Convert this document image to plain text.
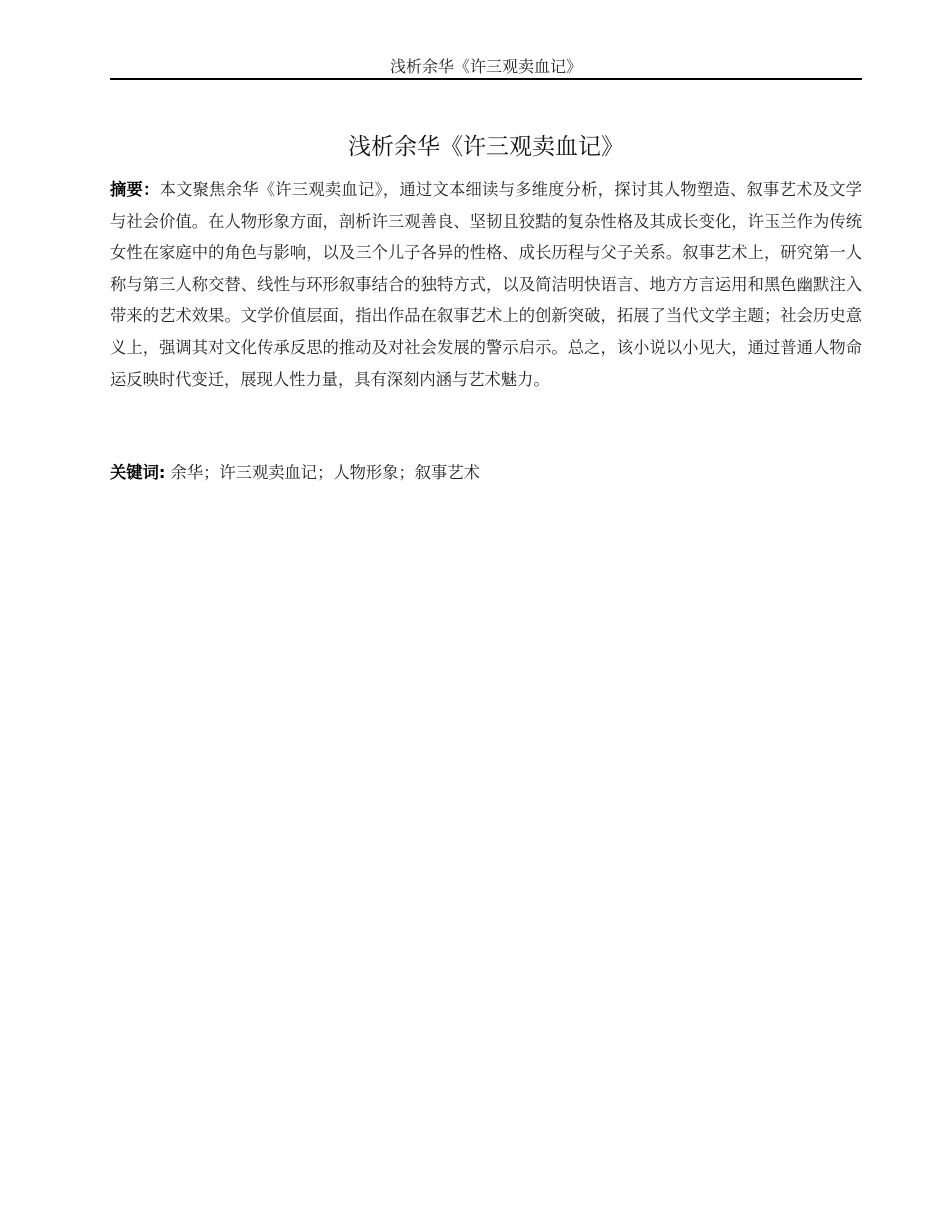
浅析余华《许三观卖血记》
浅析余华《许三观卖血记》
摘要：本文聚焦余华《许三观卖血记》，通过文本细读与多维度分析，探讨其人物塑造、叙事艺术及文学与社会价值。在人物形象方面，剖析许三观善良、坚韧且狡黠的复杂性格及其成长变化，许玉兰作为传统女性在家庭中的角色与影响，以及三个儿子各异的性格、成长历程与父子关系。叙事艺术上，研究第一人称与第三人称交替、线性与环形叙事结合的独特方式，以及简洁明快语言、地方方言运用和黑色幽默注入带来的艺术效果。文学价值层面，指出作品在叙事艺术上的创新突破，拓展了当代文学主题；社会历史意义上，强调其对文化传承反思的推动及对社会发展的警示启示。总之，该小说以小见大，通过普通人物命运反映时代变迁，展现人性力量，具有深刻内涵与艺术魅力。
关键词: 余华；许三观卖血记；人物形象；叙事艺术
